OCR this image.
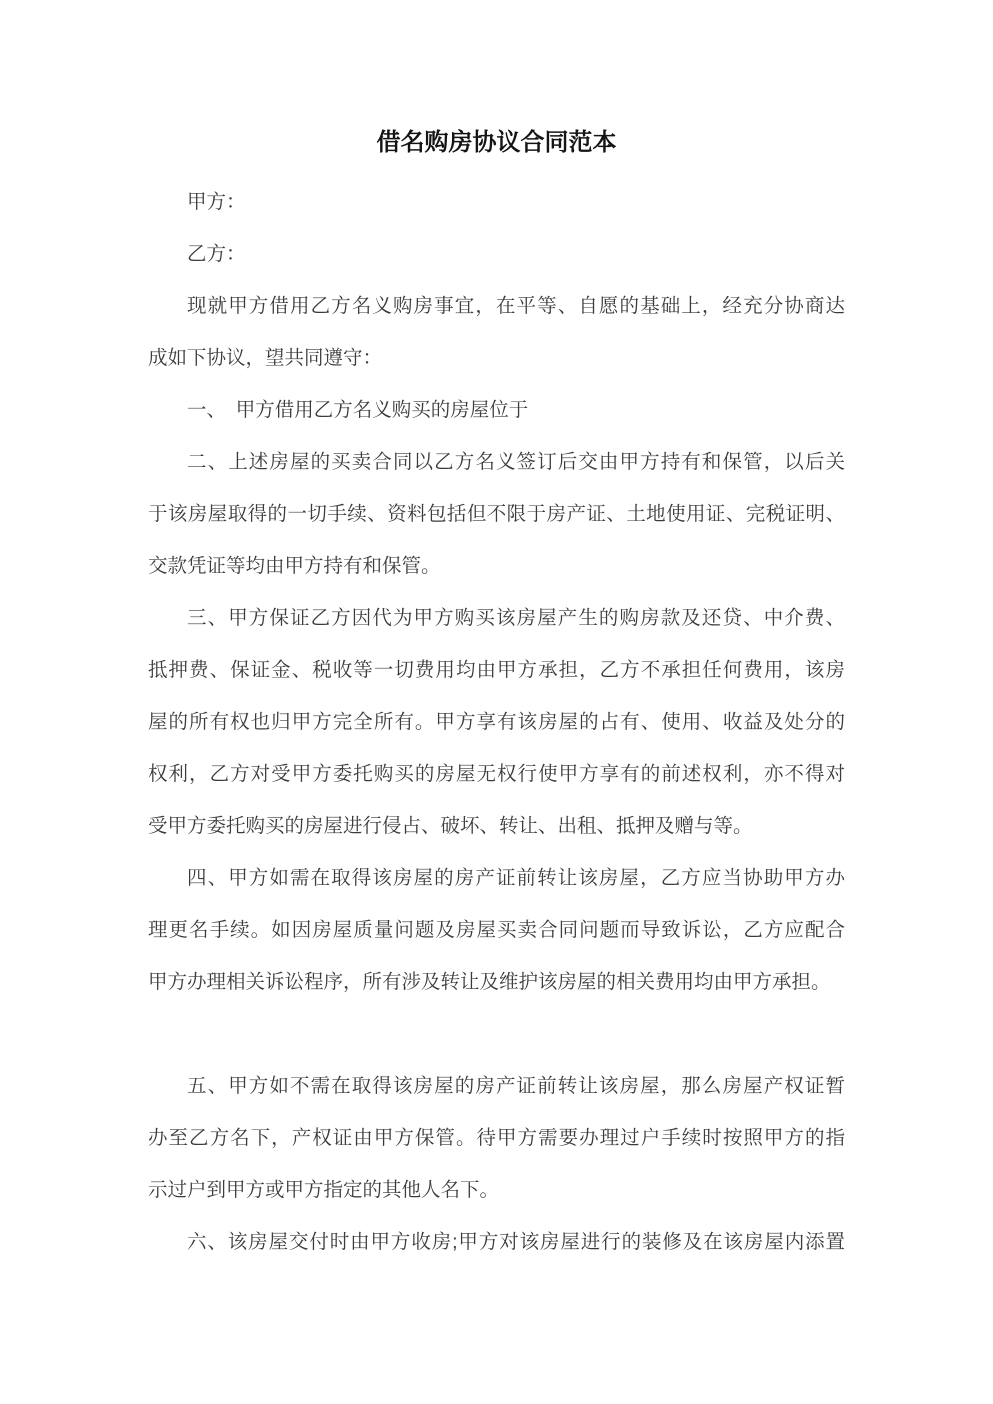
借名购房协议合同范本
甲方：
乙方：
现就甲方借用乙方名义购房事宜，在平等、自愿的基础上，经充分协商达
成如下协议，望共同遵守：
一、　甲方借用乙方名义购买的房屋位于
二、上述房屋的买卖合同以乙方名义签订后交由甲方持有和保管，以后关
于该房屋取得的一切手续、资料包括但不限于房产证、土地使用证、完税证明、
交款凭证等均由甲方持有和保管。
三、甲方保证乙方因代为甲方购买该房屋产生的购房款及还贷、中介费、
抵押费、保证金、税收等一切费用均由甲方承担，乙方不承担任何费用，该房
屋的所有权也归甲方完全所有。甲方享有该房屋的占有、使用、收益及处分的
权利，乙方对受甲方委托购买的房屋无权行使甲方享有的前述权利，亦不得对
受甲方委托购买的房屋进行侵占、破坏、转让、出租、抵押及赠与等。
四、甲方如需在取得该房屋的房产证前转让该房屋，乙方应当协助甲方办
理更名手续。如因房屋质量问题及房屋买卖合同问题而导致诉讼，乙方应配合
甲方办理相关诉讼程序，所有涉及转让及维护该房屋的相关费用均由甲方承担。
五、甲方如不需在取得该房屋的房产证前转让该房屋，那么房屋产权证暂
办至乙方名下，产权证由甲方保管。待甲方需要办理过户手续时按照甲方的指
示过户到甲方或甲方指定的其他人名下。
六、该房屋交付时由甲方收房;甲方对该房屋进行的装修及在该房屋内添置
